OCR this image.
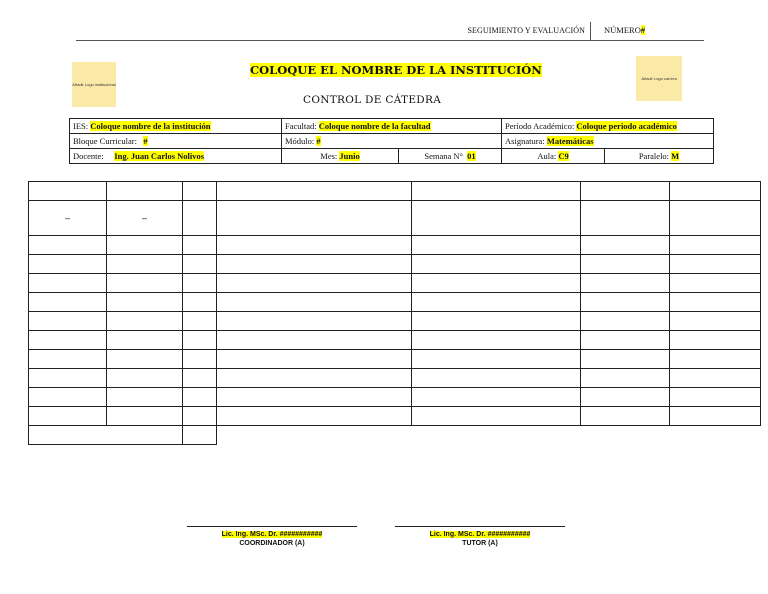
SEGUIMIENTO Y EVALUACIÓN NÚMERO#
Añadir Logo institucional
Añadir Logo carrera
COLOQUE EL NOMBRE DE LA INSTITUCIÓN
CONTROL DE CÁTEDRA
IES: Coloque nombre de la institución	Facultad: Coloque nombre de la facultad		Período Académico: Coloque periodo académico	
Bloque Curricular: #	Módulo: #		Asignatura: Matemáticas	
Docente: Ing. Juan Carlos Nolivos	Mes: Junio	Semana N° 01	Aula: C9	Paralelo: M

–	–					

Lic. Ing. MSc. Dr. ###########
COORDINADOR (A)
Lic. Ing. MSc. Dr. ###########
TUTOR (A)
